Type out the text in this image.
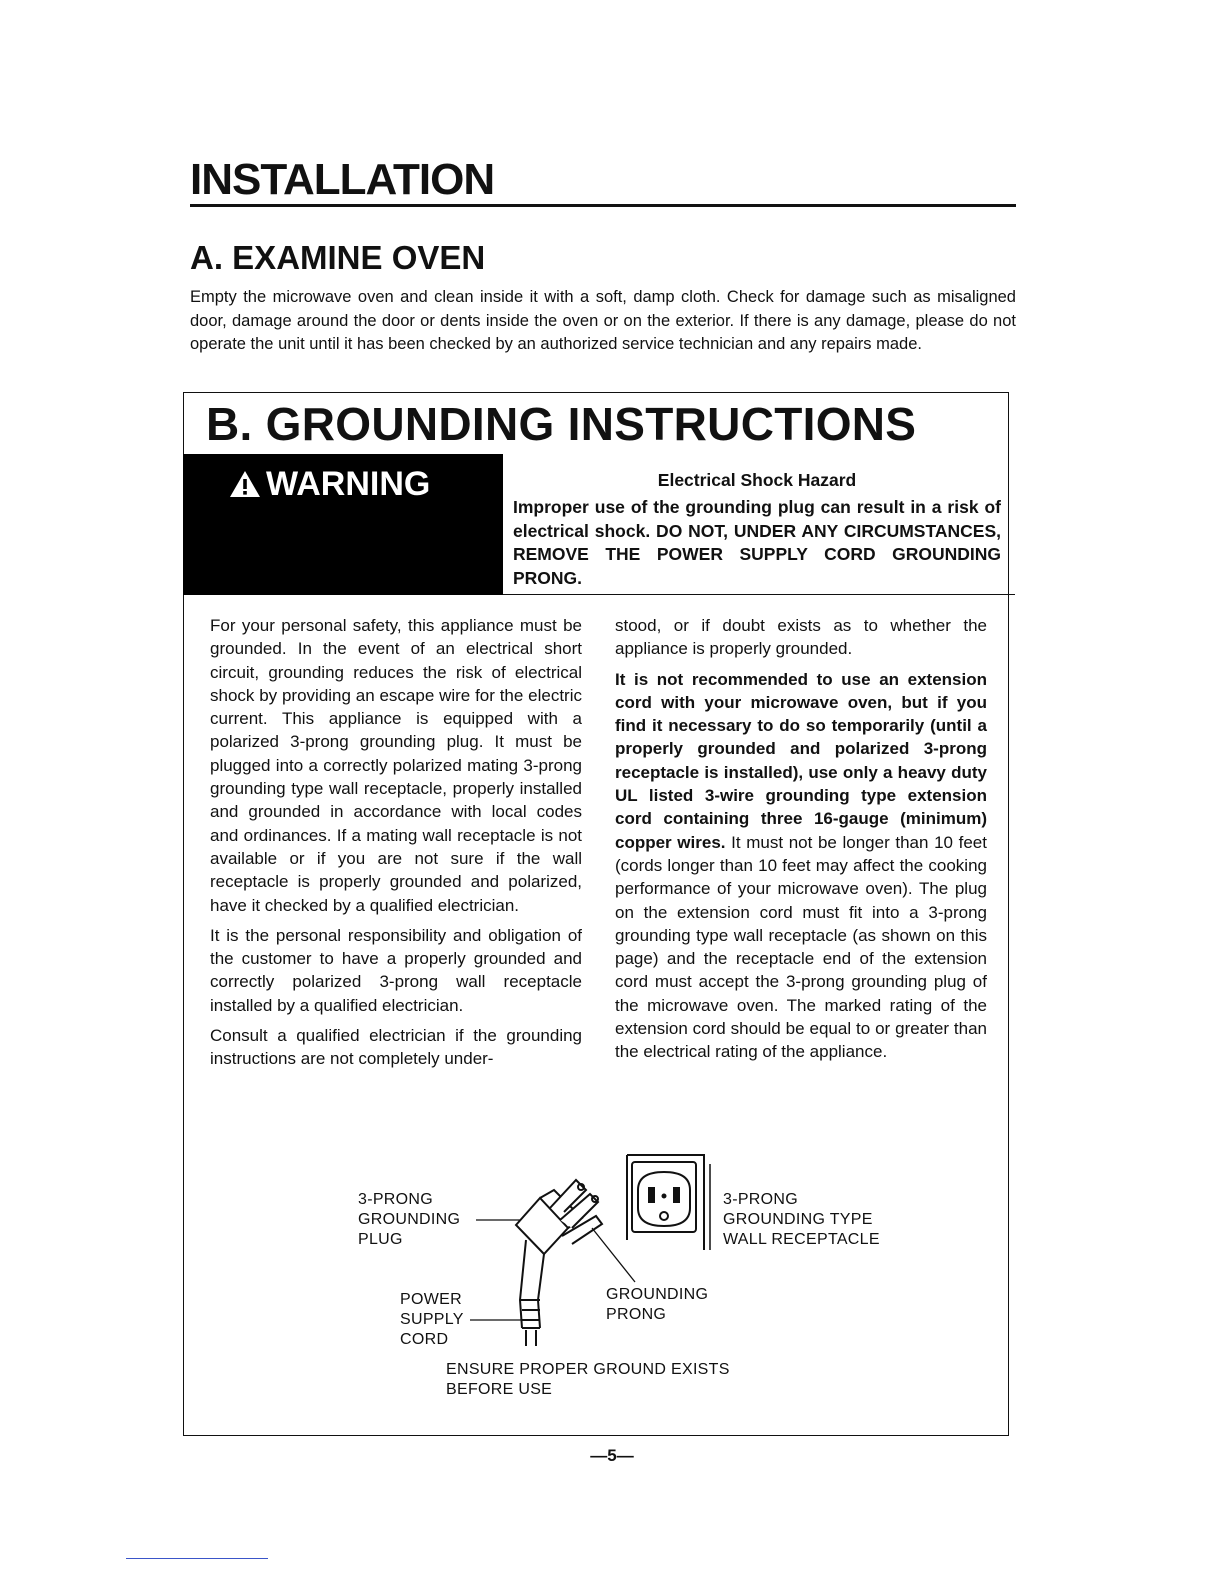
INSTALLATION
A. EXAMINE OVEN

Empty the microwave oven and clean inside it with a soft, damp cloth. Check for damage such as misaligned door, damage around the door or dents inside the oven or on the exterior. If there is any damage, please do not operate the unit until it has been checked by an authorized service technician and any repairs made.

B. GROUNDING INSTRUCTIONS
WARNING	Electrical Shock Hazard

Improper use of the grounding plug can result in a risk of electrical shock. DO NOT, UNDER ANY CIRCUMSTANCES, REMOVE THE POWER SUPPLY CORD GROUNDING PRONG.

For your personal safety, this appliance must be grounded. In the event of an electrical short circuit, grounding reduces the risk of electrical shock by providing an escape wire for the electric current. This appliance is equipped with a polarized 3-prong grounding plug. It must be plugged into a correctly polarized mating 3-prong grounding type wall receptacle, properly installed and grounded in accordance with local codes and ordinances. If a mating wall receptacle is not available or if you are not sure if the wall receptacle is properly grounded and polarized, have it checked by a qualified electrician.

It is the personal responsibility and obligation of the customer to have a properly grounded and correctly polarized 3-prong wall receptacle installed by a qualified electrician.

Consult a qualified electrician if the grounding instructions are not completely under-

stood, or if doubt exists as to whether the appliance is properly grounded.

It is not recommended to use an extension cord with your microwave oven, but if you find it necessary to do so temporarily (until a properly grounded and polarized 3-prong receptacle is installed), use only a heavy duty UL listed 3-wire grounding type extension cord containing three 16-gauge (minimum) copper wires. It must not be longer than 10 feet (cords longer than 10 feet may affect the cooking performance of your microwave oven). The plug on the extension cord must fit into a 3-prong grounding type wall receptacle (as shown on this page) and the receptacle end of the extension cord must accept the 3-prong grounding plug of the microwave oven. The marked rating of the extension cord should be equal to or greater than the electrical rating of the appliance.

3-PRONG
GROUNDING
PLUG

3-PRONG
GROUNDING TYPE
WALL RECEPTACLE

POWER
SUPPLY
CORD

GROUNDING
PRONG

ENSURE PROPER GROUND EXISTS
BEFORE USE

—5—
